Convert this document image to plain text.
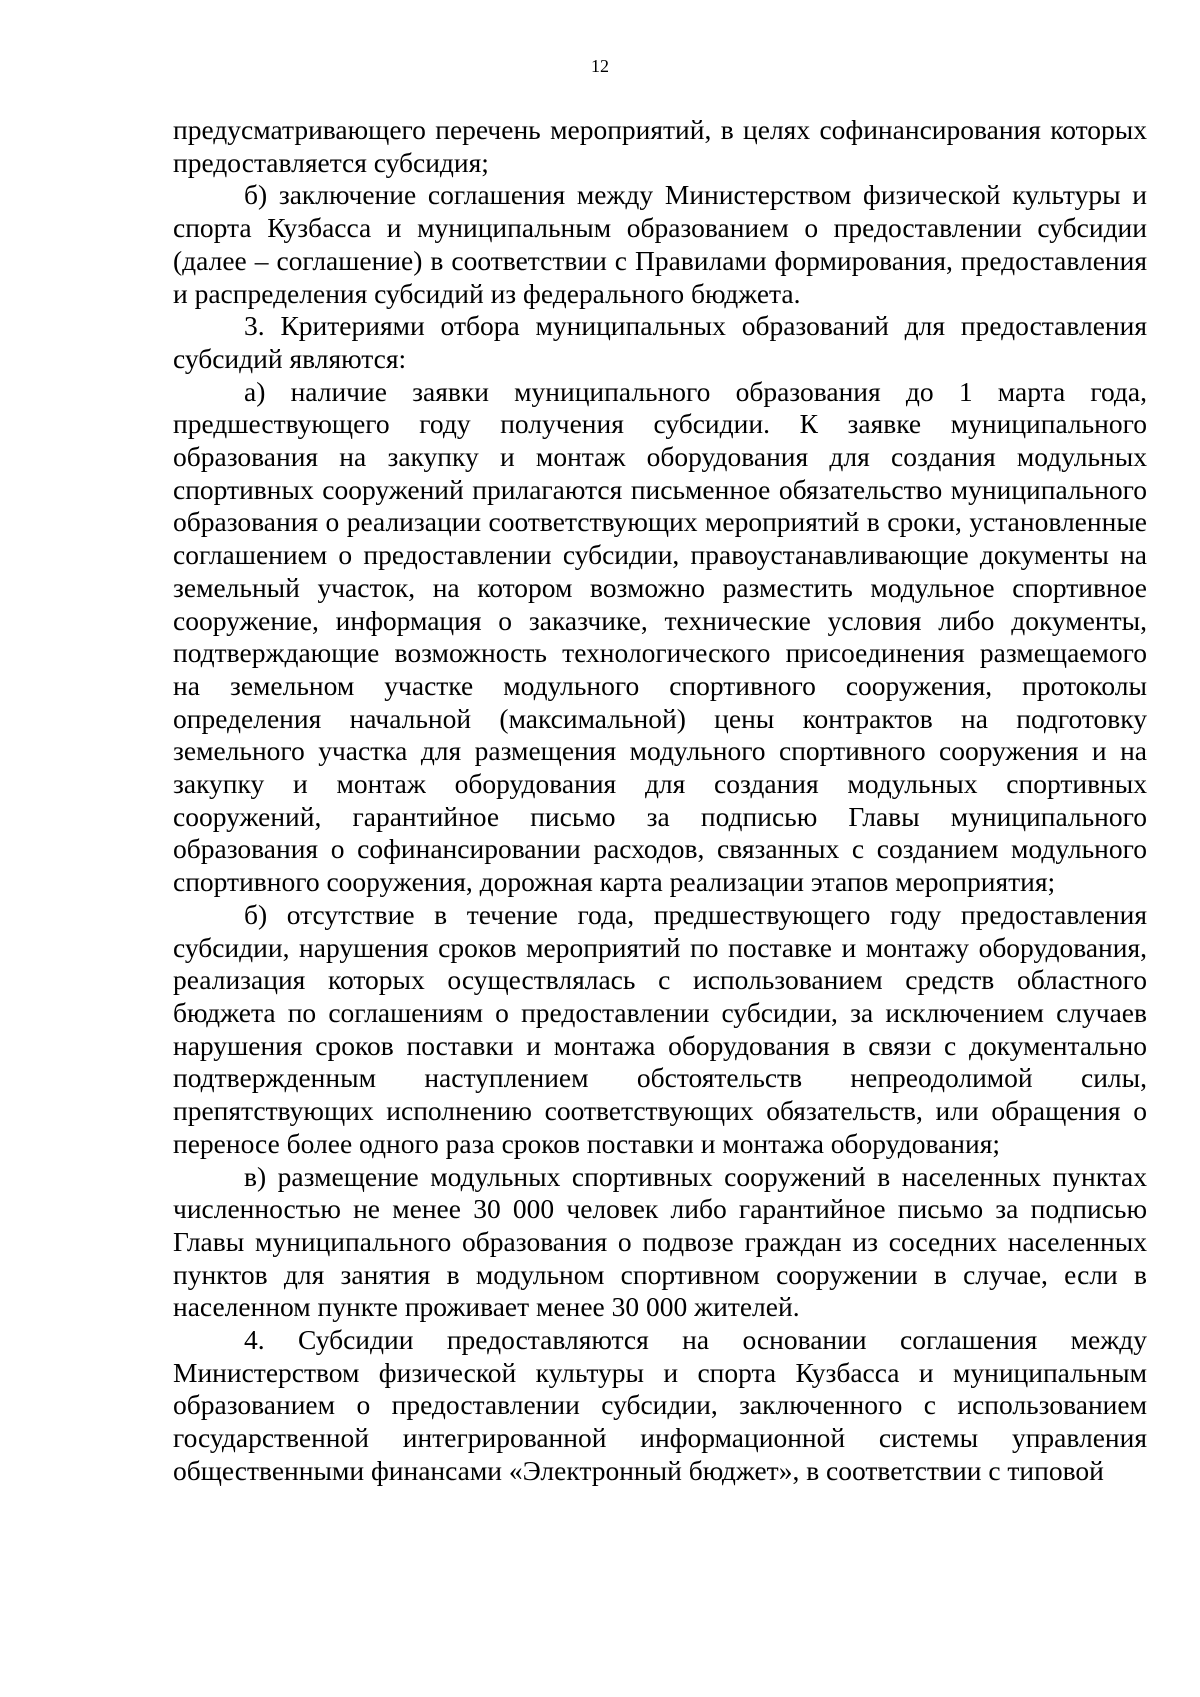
12

предусматривающего перечень мероприятий, в целях софинансирования которых предоставляется субсидия;

б) заключение соглашения между Министерством физической культуры и спорта Кузбасса и муниципальным образованием о предоставлении субсидии (далее – соглашение) в соответствии с Правилами формирования, предоставления и распределения субсидий из федерального бюджета.

3. Критериями отбора муниципальных образований для предоставления субсидий являются:

а) наличие заявки муниципального образования до 1 марта года, предшествующего году получения субсидии. К заявке муниципального образования на закупку и монтаж оборудования для создания модульных спортивных сооружений прилагаются письменное обязательство муниципального образования о реализации соответствующих мероприятий в сроки, установленные соглашением о предоставлении субсидии, правоустанавливающие документы на земельный участок, на котором возможно разместить модульное спортивное сооружение, информация о заказчике, технические условия либо документы, подтверждающие возможность технологического присоединения размещаемого на земельном участке модульного спортивного сооружения, протоколы определения начальной (максимальной) цены контрактов на подготовку земельного участка для размещения модульного спортивного сооружения и на закупку и монтаж оборудования для создания модульных спортивных сооружений, гарантийное письмо за подписью Главы муниципального образования о софинансировании расходов, связанных с созданием модульного спортивного сооружения, дорожная карта реализации этапов мероприятия;

б) отсутствие в течение года, предшествующего году предоставления субсидии, нарушения сроков мероприятий по поставке и монтажу оборудования, реализация которых осуществлялась с использованием средств областного бюджета по соглашениям о предоставлении субсидии, за исключением случаев нарушения сроков поставки и монтажа оборудования в связи с документально подтвержденным наступлением обстоятельств непреодолимой силы, препятствующих исполнению соответствующих обязательств, или обращения о переносе более одного раза сроков поставки и монтажа оборудования;

в) размещение модульных спортивных сооружений в населенных пунктах численностью не менее 30 000 человек либо гарантийное письмо за подписью Главы муниципального образования о подвозе граждан из соседних населенных пунктов для занятия в модульном спортивном сооружении в случае, если в населенном пункте проживает менее 30 000 жителей.

4. Субсидии предоставляются на основании соглашения между Министерством физической культуры и спорта Кузбасса и муниципальным образованием о предоставлении субсидии, заключенного с использованием государственной интегрированной информационной системы управления общественными финансами «Электронный бюджет», в соответствии с типовой
